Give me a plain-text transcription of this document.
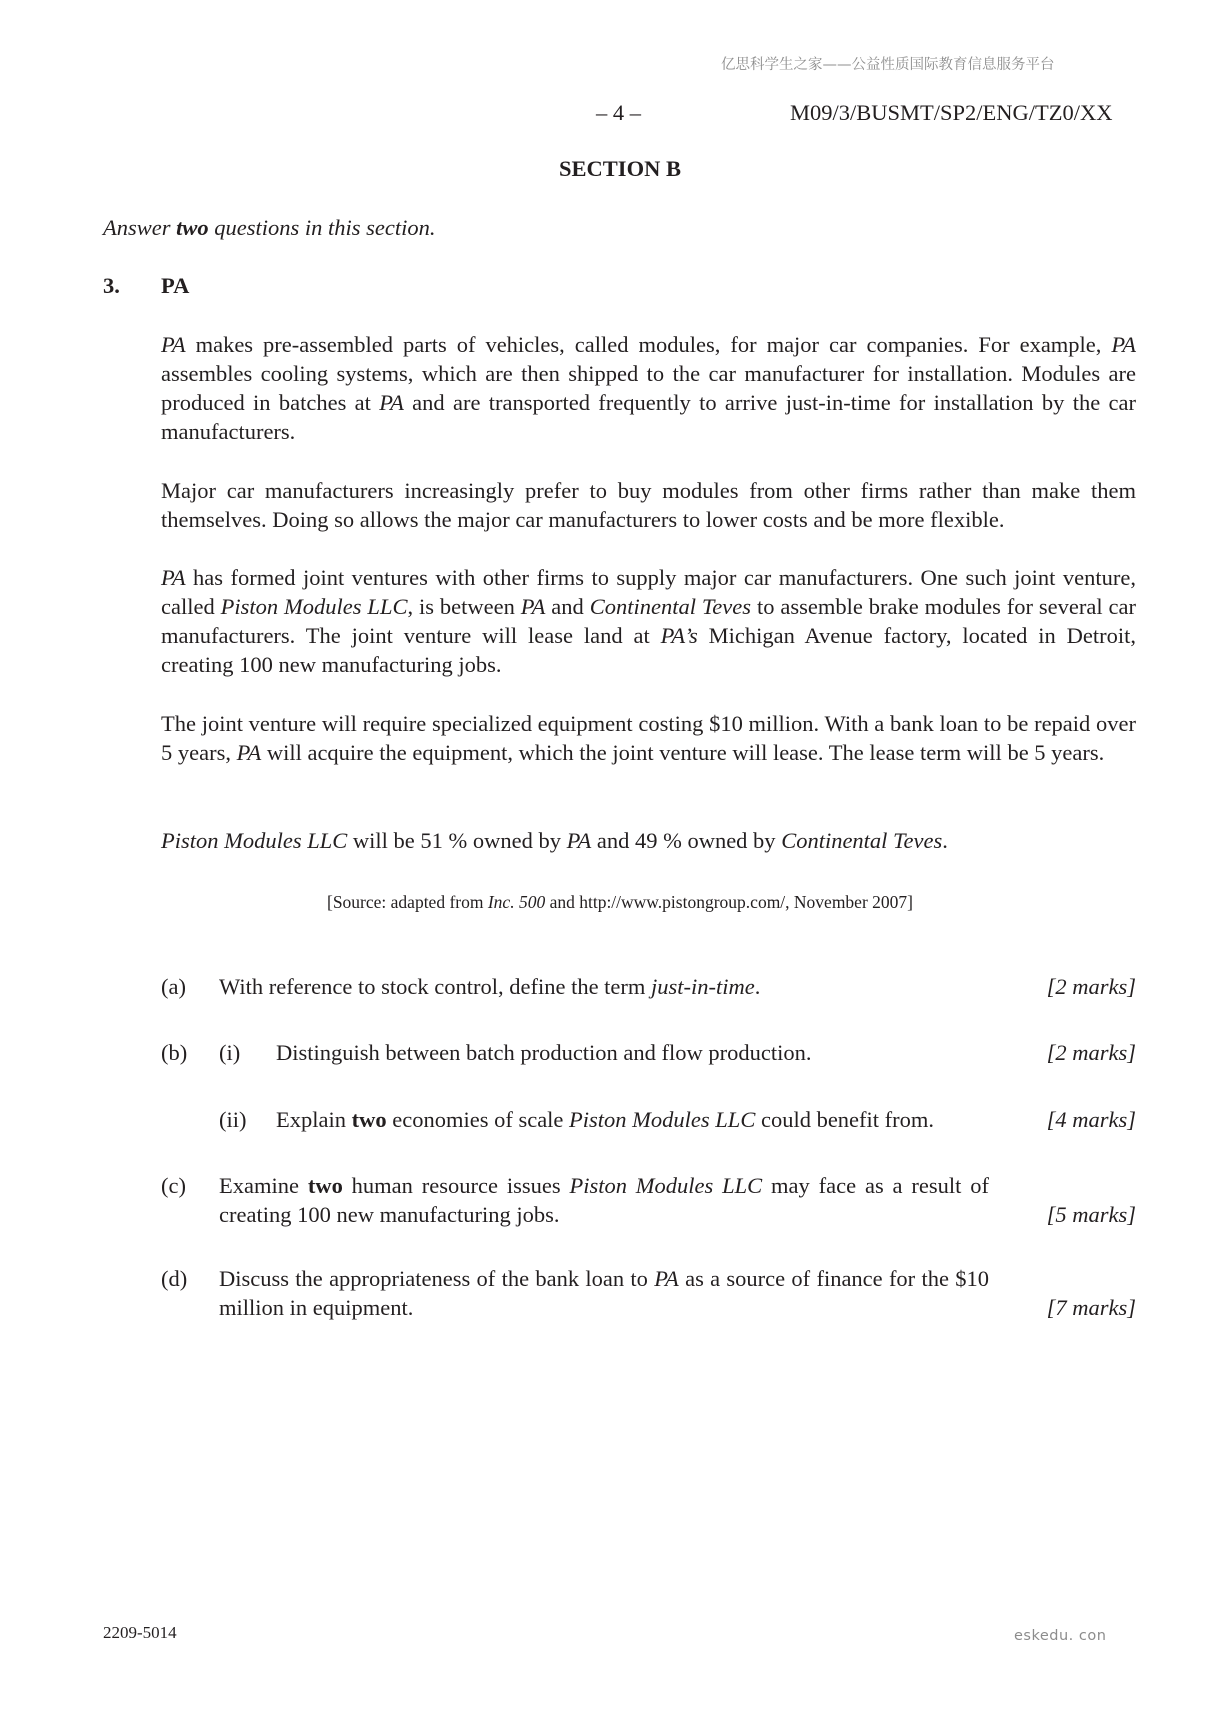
亿思科学生之家——公益性质国际教育信息服务平台
– 4 –	M09/3/BUSMT/SP2/ENG/TZ0/XX
SECTION B
Answer two questions in this section.
3. PA

PA makes pre-assembled parts of vehicles, called modules, for major car companies. For example, PA assembles cooling systems, which are then shipped to the car manufacturer for installation. Modules are produced in batches at PA and are transported frequently to arrive just-in-time for installation by the car manufacturers.

Major car manufacturers increasingly prefer to buy modules from other firms rather than make them themselves. Doing so allows the major car manufacturers to lower costs and be more flexible.

PA has formed joint ventures with other firms to supply major car manufacturers. One such joint venture, called Piston Modules LLC, is between PA and Continental Teves to assemble brake modules for several car manufacturers. The joint venture will lease land at PA’s Michigan Avenue factory, located in Detroit, creating 100 new manufacturing jobs.

The joint venture will require specialized equipment costing $10 million. With a bank loan to be repaid over 5 years, PA will acquire the equipment, which the joint venture will lease. The lease term will be 5 years.

Piston Modules LLC will be 51 % owned by PA and 49 % owned by Continental Teves.

[Source: adapted from Inc. 500 and http://www.pistongroup.com/, November 2007]
(a) With reference to stock control, define the term just-in-time.	[2 marks]
(b) (i) Distinguish between batch production and flow production.	[2 marks]
(ii) Explain two economies of scale Piston Modules LLC could benefit from.	[4 marks]
(c) Examine two human resource issues Piston Modules LLC may face as a result of creating 100 new manufacturing jobs.	[5 marks]
(d) Discuss the appropriateness of the bank loan to PA as a source of finance for the $10 million in equipment.	[7 marks]
2209-5014	eskedu. con
